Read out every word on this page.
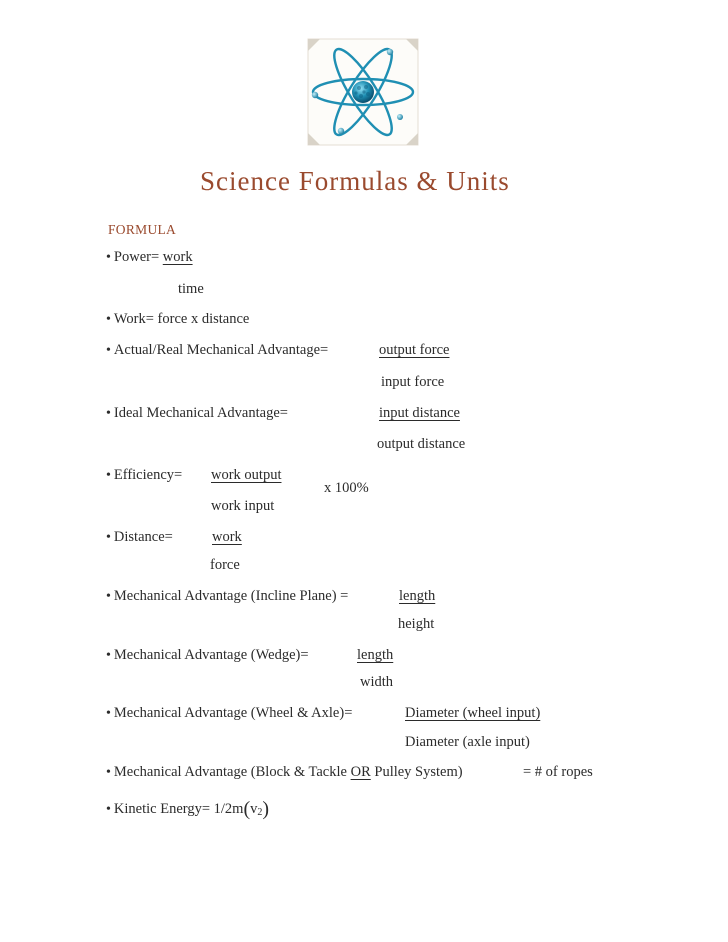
Science Formulas & Units
FORMULA
• Power= work
time
• Work= force x distance
• Actual/Real Mechanical Advantage=	output force
input force
• Ideal Mechanical Advantage=	input distance
output distance
• Efficiency= work output
x 100%
work input
• Distance=	work
force
• Mechanical Advantage (Incline Plane) =	length
height
• Mechanical Advantage (Wedge)=	length
width
• Mechanical Advantage (Wheel & Axle)=	Diameter (wheel input)
Diameter (axle input)
• Mechanical Advantage (Block & Tackle OR Pulley System)	= # of ropes
• Kinetic Energy= $1/2m(v_2)$
